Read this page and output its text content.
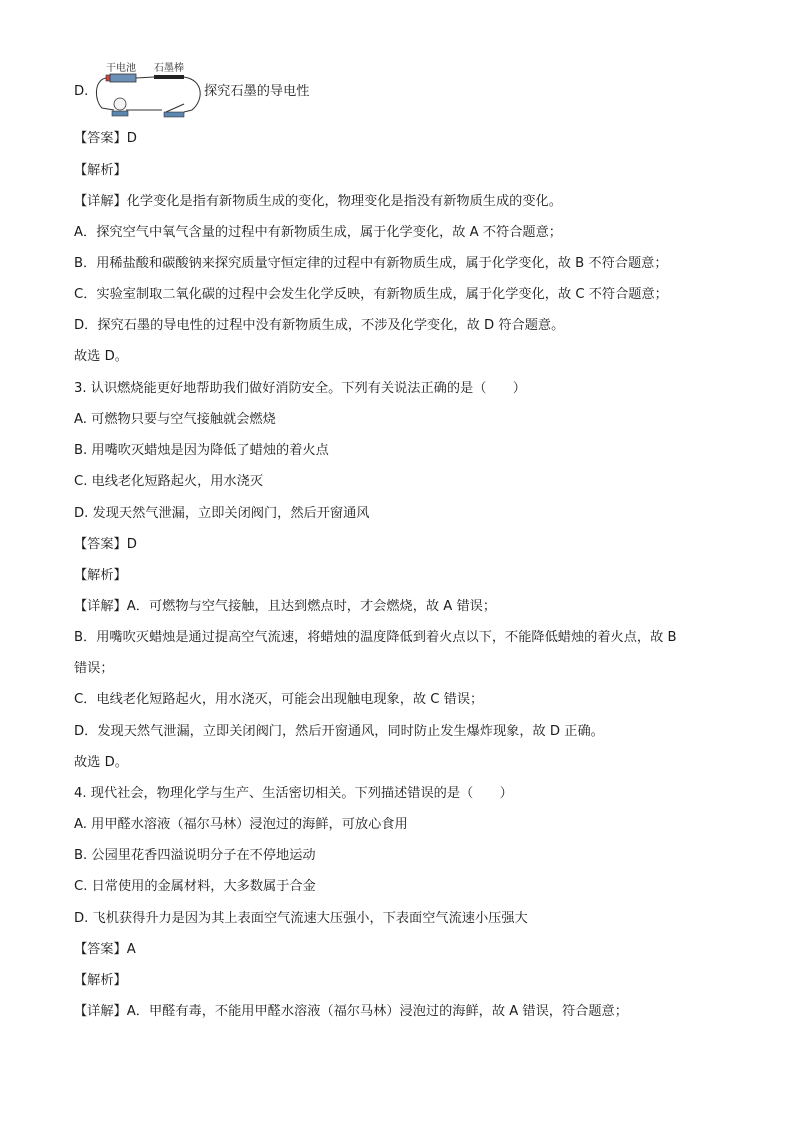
D.
干电池 石墨棒
探究石墨的导电性
【答案】D
【解析】
【详解】化学变化是指有新物质生成的变化，物理变化是指没有新物质生成的变化。
A．探究空气中氧气含量的过程中有新物质生成，属于化学变化，故 A 不符合题意；
B．用稀盐酸和碳酸钠来探究质量守恒定律的过程中有新物质生成，属于化学变化，故 B 不符合题意；
C．实验室制取二氧化碳的过程中会发生化学反映，有新物质生成，属于化学变化，故 C 不符合题意；
D．探究石墨的导电性的过程中没有新物质生成，不涉及化学变化，故 D 符合题意。
故选 D。
3. 认识燃烧能更好地帮助我们做好消防安全。下列有关说法正确的是（　　）
A. 可燃物只要与空气接触就会燃烧
B. 用嘴吹灭蜡烛是因为降低了蜡烛的着火点
C. 电线老化短路起火，用水浇灭
D. 发现天然气泄漏，立即关闭阀门，然后开窗通风
【答案】D
【解析】
【详解】A．可燃物与空气接触，且达到燃点时，才会燃烧，故 A 错误；
B．用嘴吹灭蜡烛是通过提高空气流速，将蜡烛的温度降低到着火点以下，不能降低蜡烛的着火点，故 B
错误；
C．电线老化短路起火，用水浇灭，可能会出现触电现象，故 C 错误；
D．发现天然气泄漏，立即关闭阀门，然后开窗通风，同时防止发生爆炸现象，故 D 正确。
故选 D。
4. 现代社会，物理化学与生产、生活密切相关。下列描述错误的是（　　）
A. 用甲醛水溶液（福尔马林）浸泡过的海鲜，可放心食用
B. 公园里花香四溢说明分子在不停地运动
C. 日常使用的金属材料，大多数属于合金
D. 飞机获得升力是因为其上表面空气流速大压强小，下表面空气流速小压强大
【答案】A
【解析】
【详解】A．甲醛有毒，不能用甲醛水溶液（福尔马林）浸泡过的海鲜，故 A 错误，符合题意；
